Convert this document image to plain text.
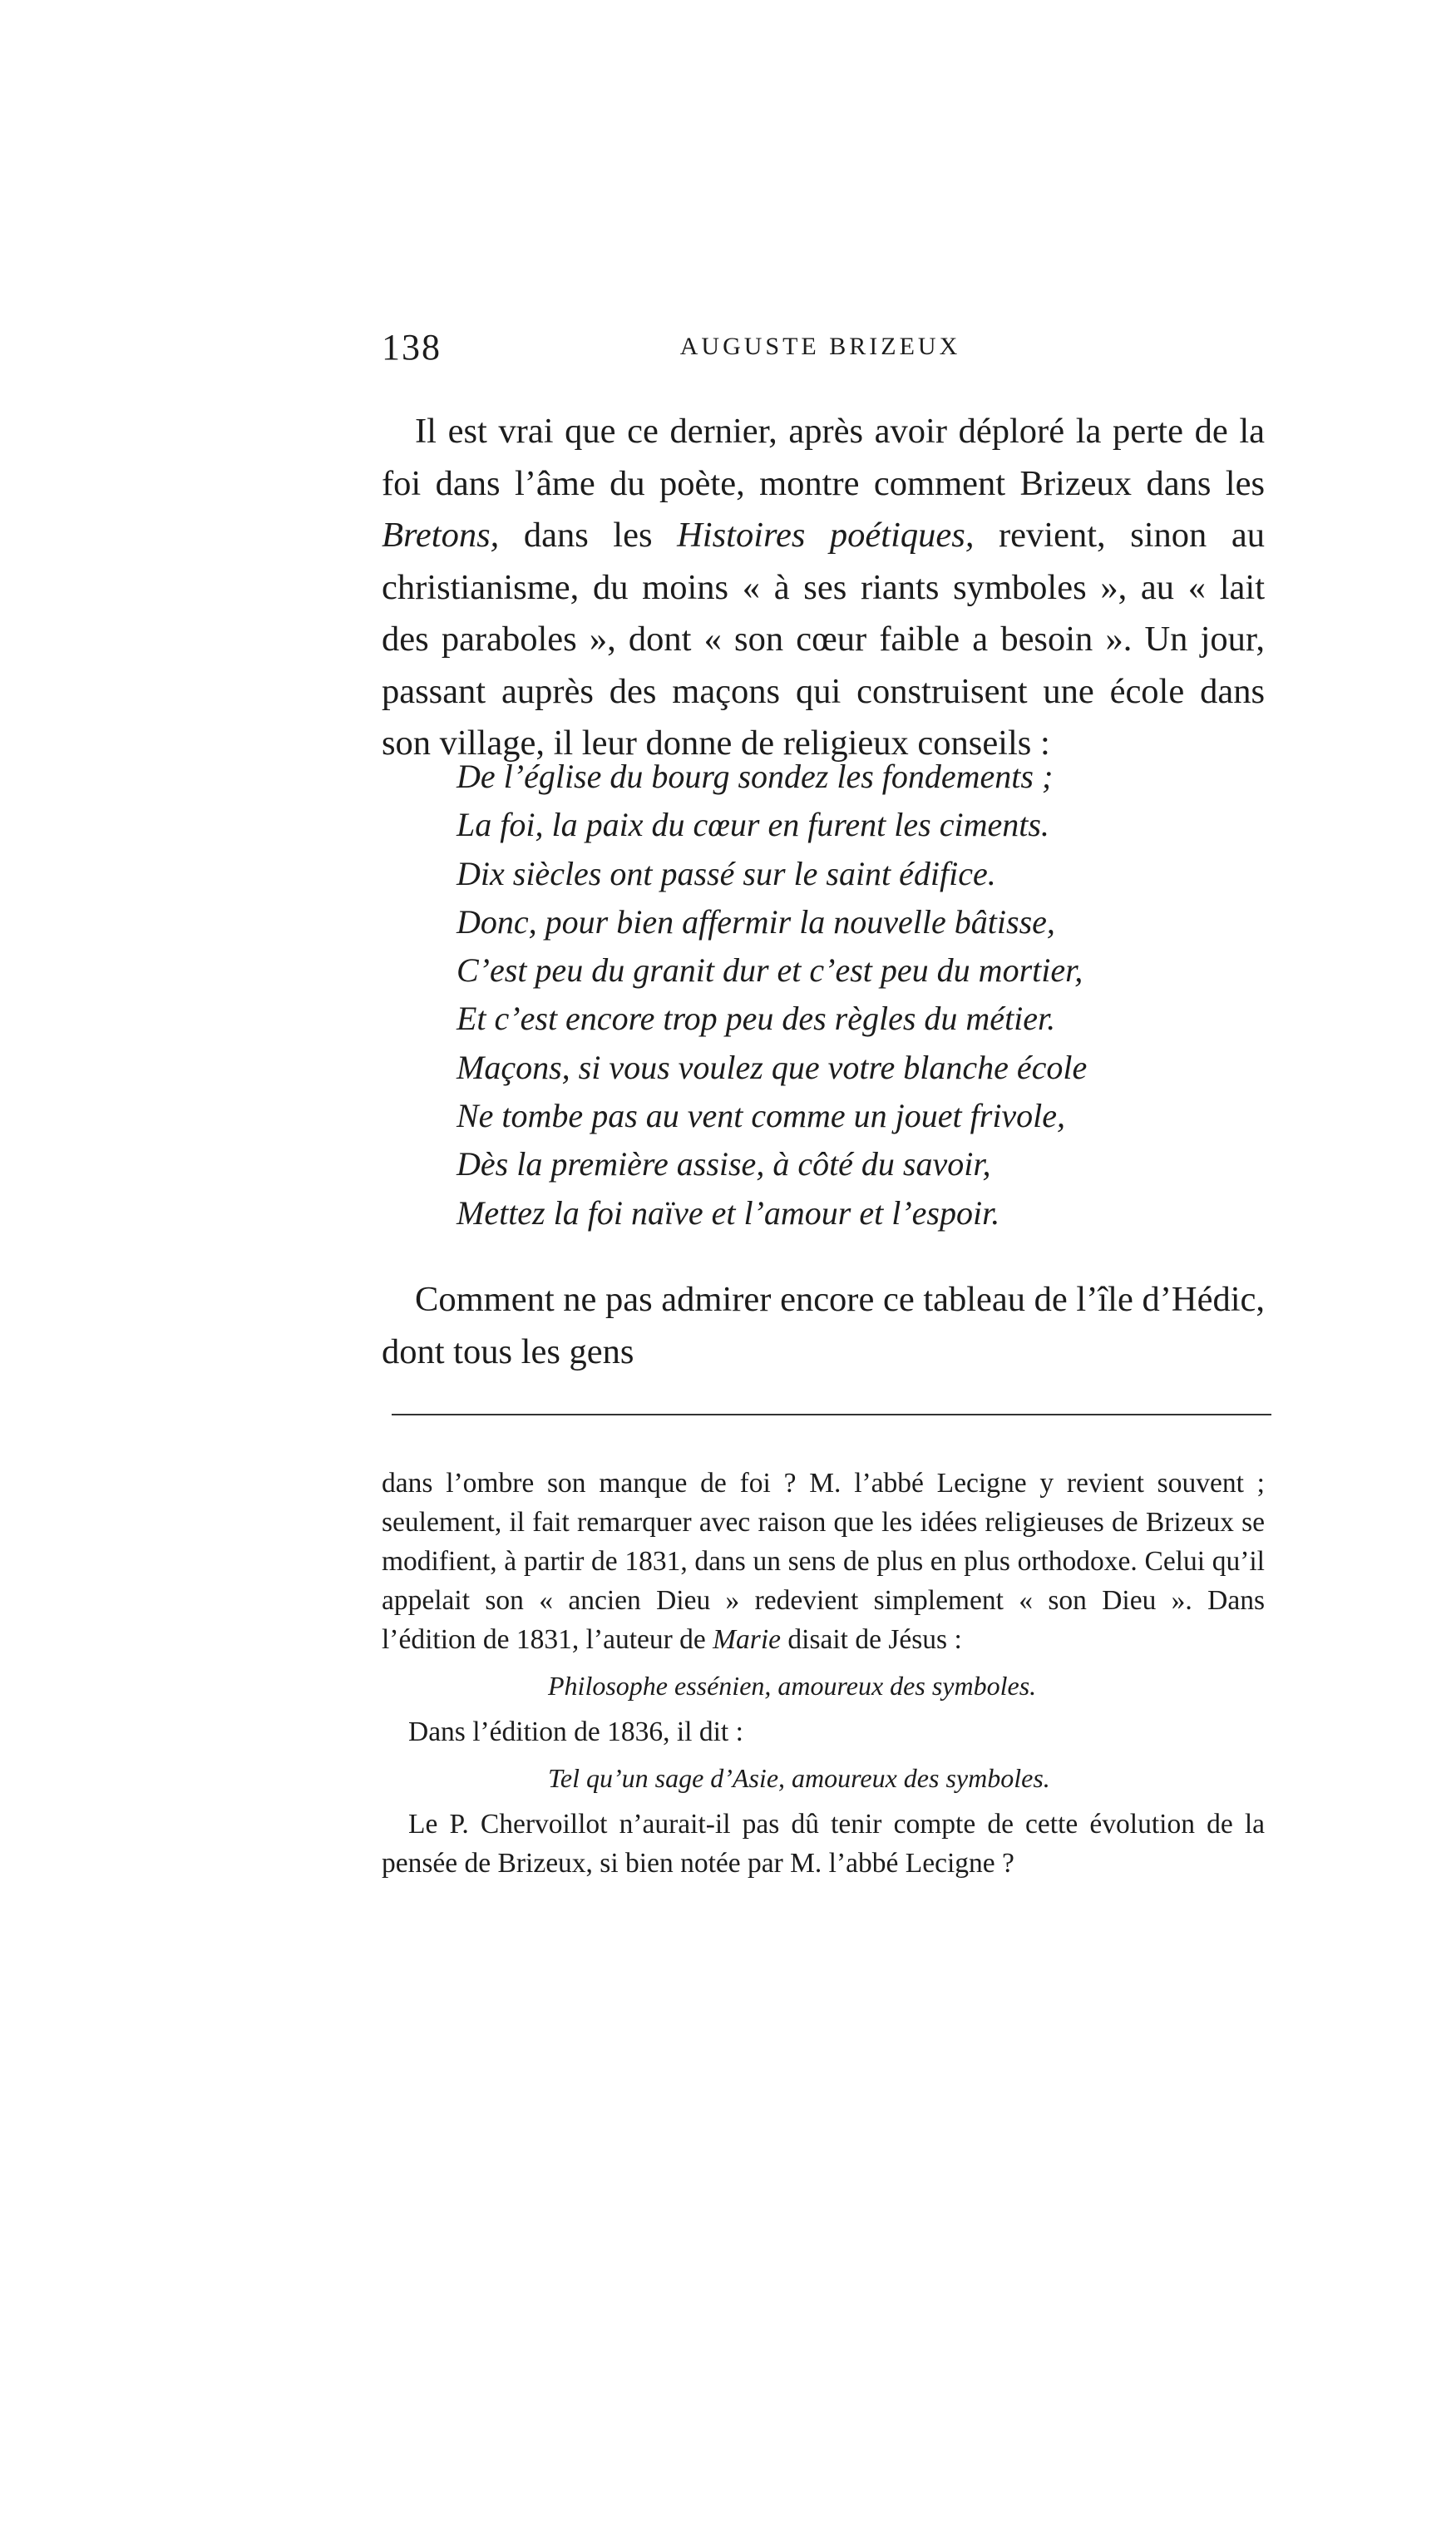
138	AUGUSTE BRIZEUX

Il est vrai que ce dernier, après avoir déploré la perte de la foi dans l’âme du poète, montre comment Brizeux dans les Bretons, dans les Histoires poétiques, revient, sinon au christianisme, du moins « à ses riants symboles », au « lait des paraboles », dont « son cœur faible a besoin ». Un jour, passant auprès des maçons qui construisent une école dans son village, il leur donne de religieux conseils :

De l’église du bourg sondez les fondements ;
La foi, la paix du cœur en furent les ciments.
Dix siècles ont passé sur le saint édifice.
Donc, pour bien affermir la nouvelle bâtisse,
C’est peu du granit dur et c’est peu du mortier,
Et c’est encore trop peu des règles du métier.
Maçons, si vous voulez que votre blanche école
Ne tombe pas au vent comme un jouet frivole,
Dès la première assise, à côté du savoir,
Mettez la foi naïve et l’amour et l’espoir.

Comment ne pas admirer encore ce tableau de l’île d’Hédic, dont tous les gens

dans l’ombre son manque de foi ? M. l’abbé Lecigne y revient souvent ; seulement, il fait remarquer avec raison que les idées religieuses de Brizeux se modifient, à partir de 1831, dans un sens de plus en plus orthodoxe. Celui qu’il appelait son « ancien Dieu » redevient simplement « son Dieu ». Dans l’édition de 1831, l’auteur de Marie disait de Jésus :

Philosophe essénien, amoureux des symboles.

Dans l’édition de 1836, il dit :

Tel qu’un sage d’Asie, amoureux des symboles.

Le P. Chervoillot n’aurait-il pas dû tenir compte de cette évolution de la pensée de Brizeux, si bien notée par M. l’abbé Lecigne ?
